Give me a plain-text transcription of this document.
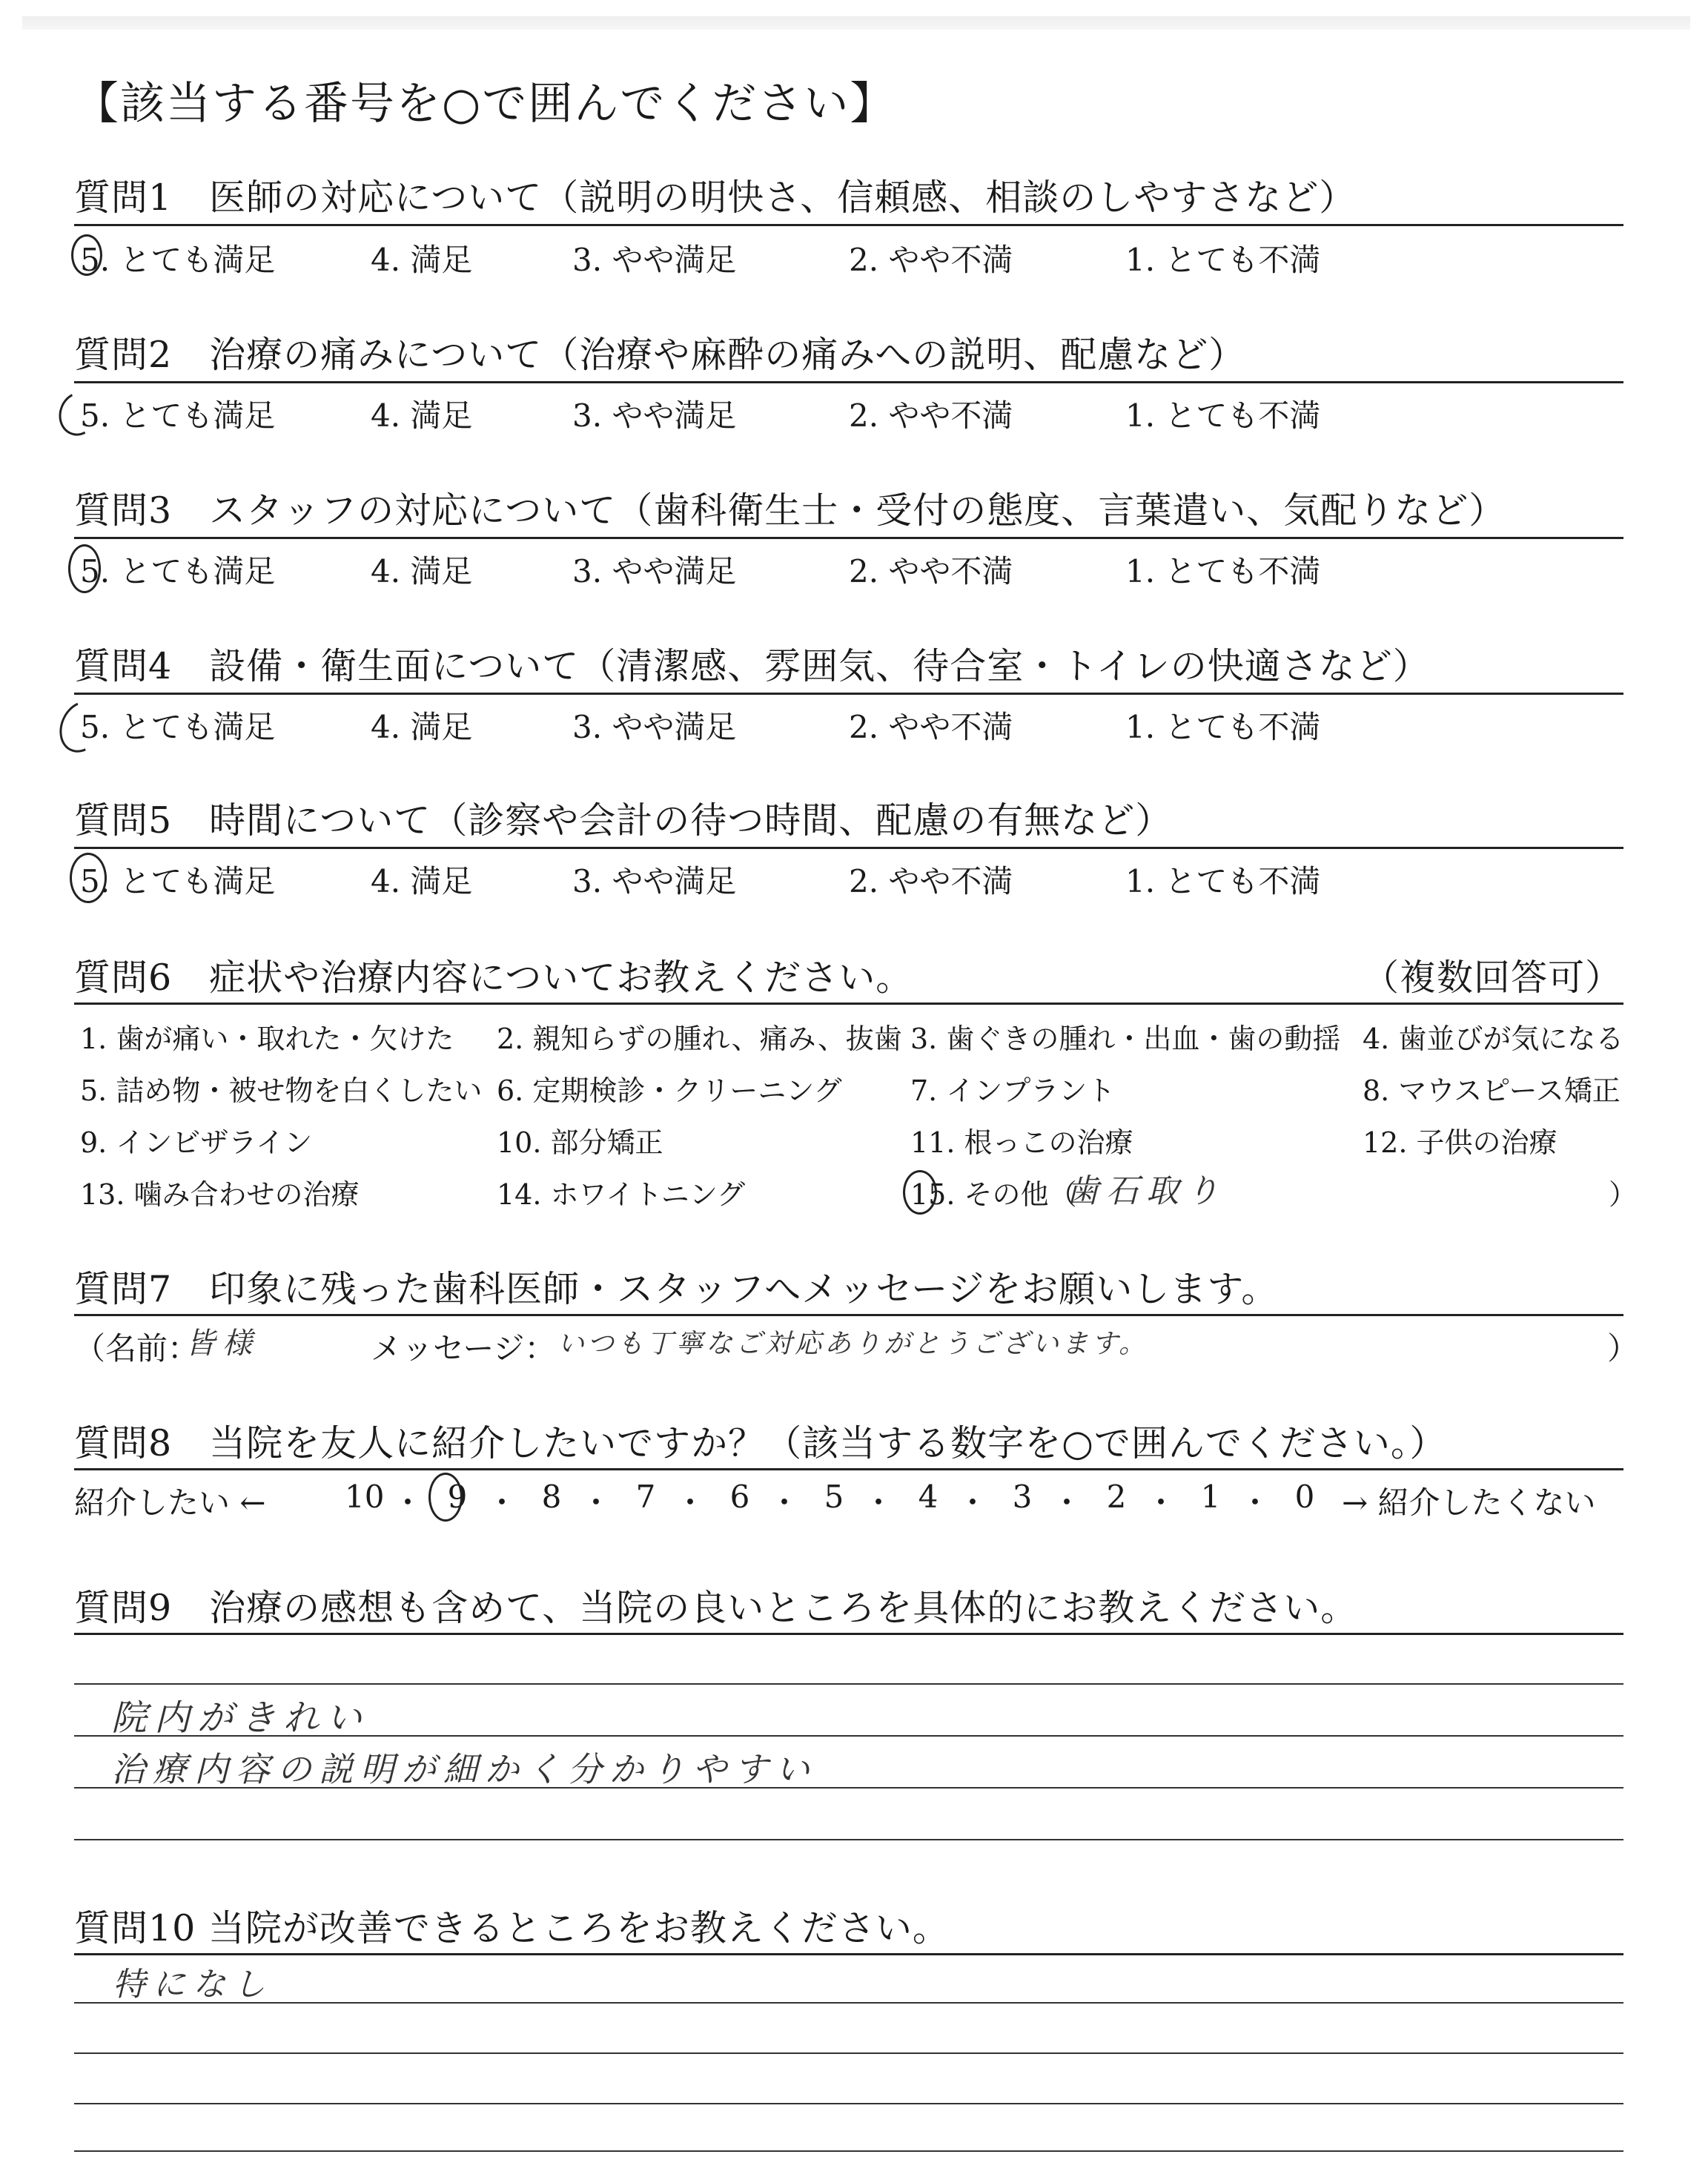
【該当する番号を○で囲んでください】
質問1　医師の対応について（説明の明快さ、信頼感、相談のしやすさなど）
5. とても満足	4. 満足	3. やや満足	2. やや不満	1. とても不満
質問2　治療の痛みについて（治療や麻酔の痛みへの説明、配慮など）
5. とても満足	4. 満足	3. やや満足	2. やや不満	1. とても不満
質問3　スタッフの対応について（歯科衛生士・受付の態度、言葉遣い、気配りなど）
5. とても満足	4. 満足	3. やや満足	2. やや不満	1. とても不満
質問4　設備・衛生面について（清潔感、雰囲気、待合室・トイレの快適さなど）
5. とても満足	4. 満足	3. やや満足	2. やや不満	1. とても不満
質問5　時間について（診察や会計の待つ時間、配慮の有無など）
5. とても満足	4. 満足	3. やや満足	2. やや不満	1. とても不満
質問6　症状や治療内容についてお教えください。	（複数回答可）
1. 歯が痛い・取れた・欠けた 2. 親知らずの腫れ、痛み、抜歯 3. 歯ぐきの腫れ・出血・歯の動揺 4. 歯並びが気になる
5. 詰め物・被せ物を白くしたい 6. 定期検診・クリーニング 7. インプラント	8. マウスピース矯正
9. インビザライン	10. 部分矯正	11. 根っこの治療	12. 子供の治療
13. 噛み合わせの治療	14. ホワイトニング	15. その他（
歯石取り	）
質問7　印象に残った歯科医師・スタッフへメッセージをお願いします。
（名前：
皆様	メッセージ： いつも丁寧なご対応ありがとうございます。	）
質問8　当院を友人に紹介したいですか？（該当する数字を○で囲んでください。）
紹介したい ←	10 ・ 9 ・ 8 ・ 7 ・ 6 ・ 5 ・ 4 ・ 3 ・ 2 ・ 1 ・ 0 → 紹介したくない
質問9　治療の感想も含めて、当院の良いところを具体的にお教えください。
院内がきれい
治療内容の説明が細かく分かりやすい
質問10 当院が改善できるところをお教えください。
特になし
